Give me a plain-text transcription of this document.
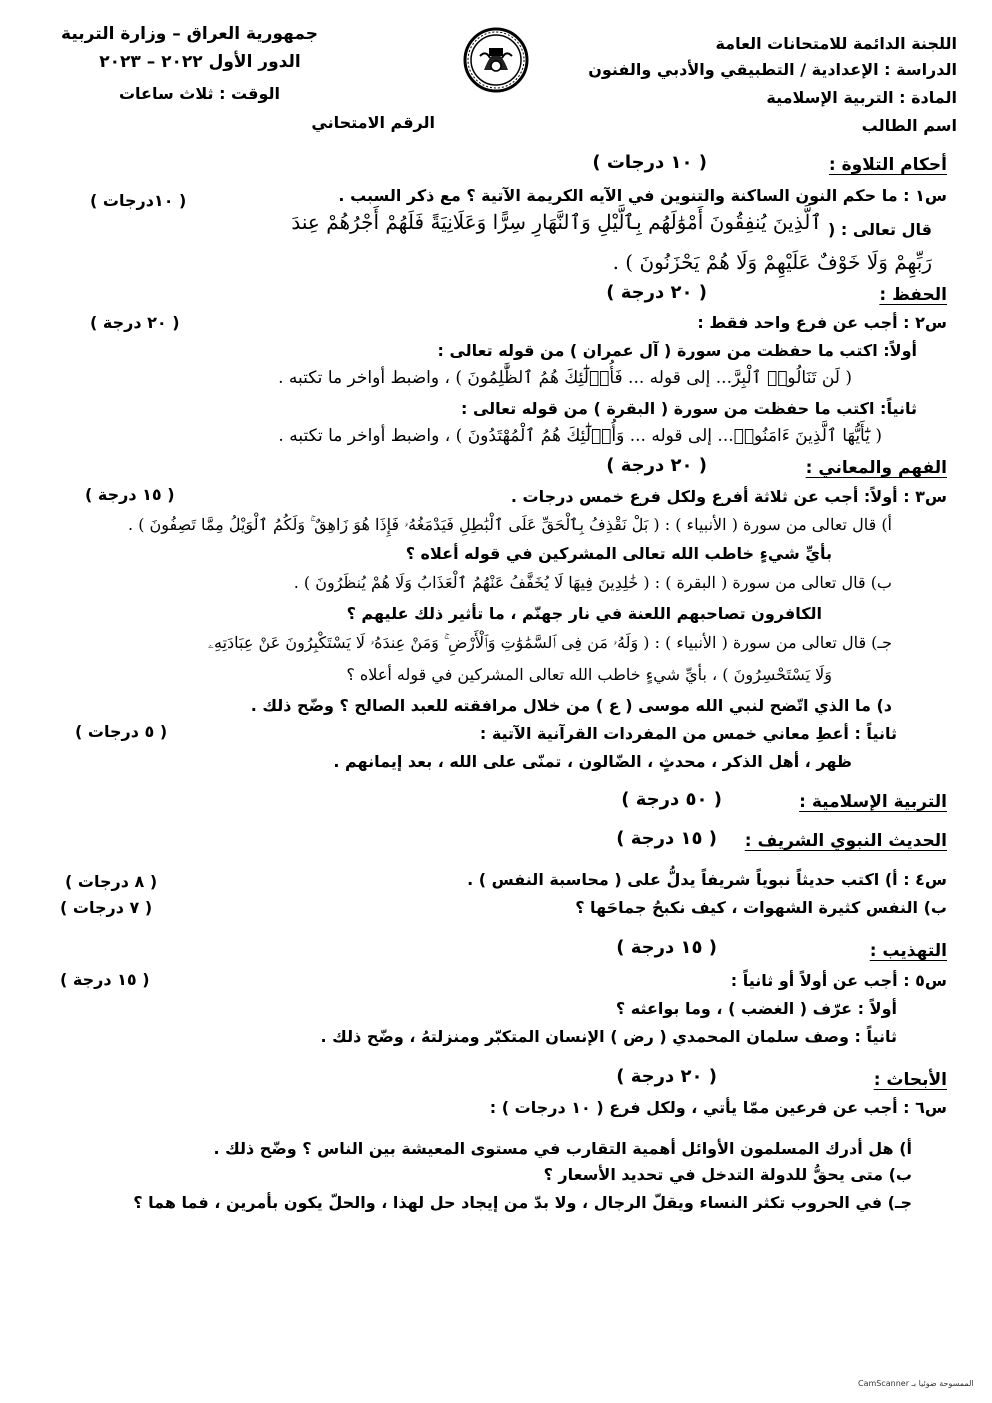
اللجنة الدائمة للامتحانات العامة
الدراسة : الإعدادية / التطبيقي والأدبي والفنون
المادة : التربية الإسلامية
اسم الطالب
جمهورية العراق – وزارة التربية
الدور الأول ٢٠٢٢ – ٢٠٢٣
الوقت : ثلاث ساعات
الرقم الامتحاني
أحكام التلاوة :
( ١٠ درجات )
س١ : ما حكم النون الساكنة والتنوين في الآيه الكريمة الآتية ؟ مع ذكر السبب .
( ١٠درجات )
قال تعالى : (
ٱلَّذِينَ يُنفِقُونَ أَمْوَٰلَهُم بِٱلَّيْلِ وَٱلنَّهَارِ سِرًّا وَعَلَانِيَةً فَلَهُمْ أَجْرُهُمْ عِندَ
رَبِّهِمْ وَلَا خَوْفٌ عَلَيْهِمْ وَلَا هُمْ يَحْزَنُونَ ) .
الحفظ :
( ٢٠ درجة )
س٢ : أجب عن فرع واحد فقط :
( ٢٠ درجة )
أولاً: اكتب ما حفظت من سورة ( آل عمران ) من قوله تعالى :
( لَن تَنَالُوا۟ ٱلْبِرَّ... إلى قوله ... فَأُو۟لَٰٓئِكَ هُمُ ٱلظَّٰلِمُونَ ) ، واضبط أواخر ما تكتبه .
ثانياً: اكتب ما حفظت من سورة ( البقرة ) من قوله تعالى :
( يَٰٓأَيُّهَا ٱلَّذِينَ ءَامَنُوا۟... إلى قوله ... وَأُو۟لَٰٓئِكَ هُمُ ٱلْمُهْتَدُونَ ) ، واضبط أواخر ما تكتبه .
الفهم والمعاني :
( ٢٠ درجة )
س٣ : أولاً: أجب عن ثلاثة أفرع ولكل فرع خمس درجات .
( ١٥ درجة )
أ) قال تعالى من سورة ( الأنبياء ) : ( بَلْ نَقْذِفُ بِٱلْحَقِّ عَلَى ٱلْبَٰطِلِ فَيَدْمَغُهُۥ فَإِذَا هُوَ زَاهِقٌ ۚ وَلَكُمُ ٱلْوَيْلُ مِمَّا تَصِفُونَ ) .
بأيِّ شيءٍ خاطب الله تعالى المشركين في قوله أعلاه ؟
ب) قال تعالى من سورة ( البقرة ) : ( خَٰلِدِينَ فِيهَا لَا يُخَفَّفُ عَنْهُمُ ٱلْعَذَابُ وَلَا هُمْ يُنظَرُونَ ) .
الكافرون تصاحبهم اللعنة في نار جهنّم ، ما تأثير ذلك عليهم ؟
جـ) قال تعالى من سورة ( الأنبياء ) : ( وَلَهُۥ مَن فِى ٱلسَّمَٰوَٰتِ وَٱلْأَرْضِ ۚ وَمَنْ عِندَهُۥ لَا يَسْتَكْبِرُونَ عَنْ عِبَادَتِهِۦ
وَلَا يَسْتَحْسِرُونَ ) ، بأيِّ شيءٍ خاطب الله تعالى المشركين في قوله أعلاه ؟
د) ما الذي اتّضح لنبي الله موسى ( ع ) من خلال مرافقته للعبد الصالح ؟ وضّح ذلك .
ثانياً : أعطِ معاني خمس من المفردات القرآنية الآتية :
( ٥ درجات )
ظهر ، أهل الذكر ، محدثٍ ، الضّالون ، تمنّى على الله ، بعد إيمانهم .
التربية الإسلامية :
( ٥٠ درجة )
الحديث النبوي الشريف :
( ١٥ درجة )
س٤ : أ) اكتب حديثاً نبوياً شريفاً يدلُّ على ( محاسبة النفس ) .
( ٨ درجات )
ب) النفس كثيرة الشهوات ، كيف نكبحُ جماحَها ؟
( ٧ درجات )
التهذيب :
( ١٥ درجة )
س٥ : أجب عن أولاً أو ثانياً :
( ١٥ درجة )
أولاً : عرّف ( الغضب ) ، وما بواعثه ؟
ثانياً : وصف سلمان المحمدي ( رض ) الإنسان المتكبّر ومنزلتهُ ، وضّح ذلك .
الأبحاث :
( ٢٠ درجة )
س٦ : أجب عن فرعين ممّا يأتي ، ولكل فرع ( ١٠ درجات ) :
أ) هل أدرك المسلمون الأوائل أهمية التقارب في مستوى المعيشة بين الناس ؟ وضّح ذلك .
ب) متى يحقُّ للدولة التدخل في تحديد الأسعار ؟
جـ) في الحروب تكثر النساء ويقلّ الرجال ، ولا بدّ من إيجاد حل لهذا ، والحلّ يكون بأمرين ، فما هما ؟
الممسوحة ضوئيا بـ CamScanner
